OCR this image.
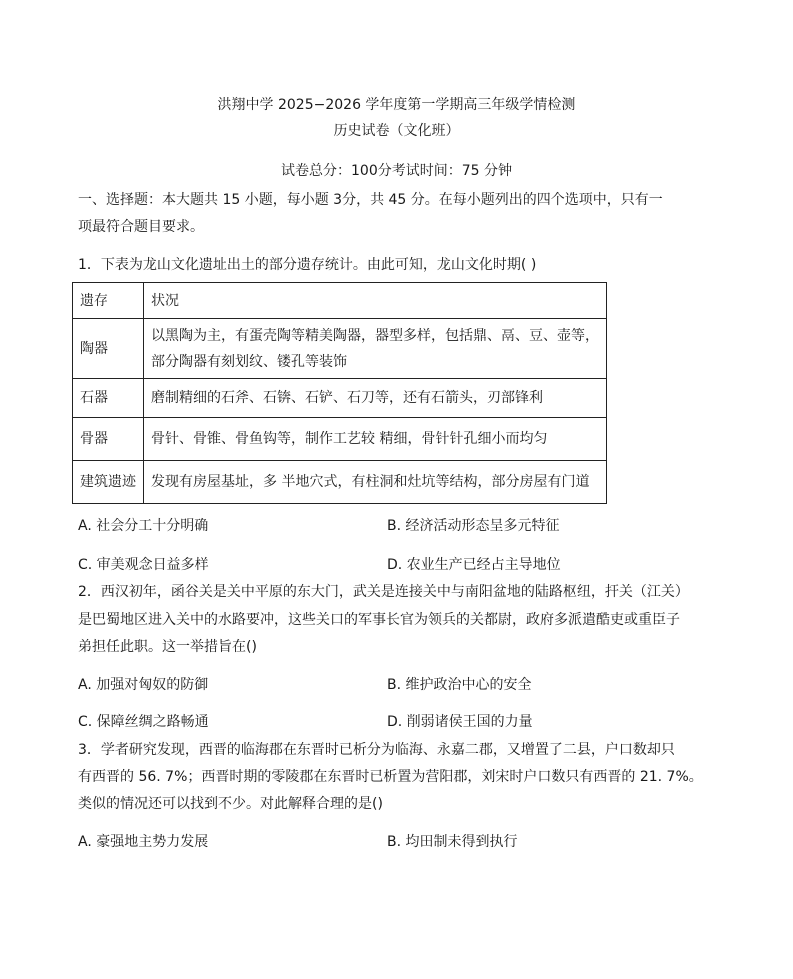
洪翔中学 2025−2026 学年度第一学期高三年级学情检测
历史试卷（文化班）
试卷总分：100分考试时间：75 分钟
一、选择题：本大题共 15 小题，每小题 3分，共 45 分。在每小题列出的四个选项中，只有一
项最符合题目要求。
1．下表为龙山文化遗址出土的部分遗存统计。由此可知，龙山文化时期( )
遗存	状况
陶器	以黑陶为主，有蛋壳陶等精美陶器，器型多样，包括鼎、鬲、豆、壶等，
部分陶器有刻划纹、镂孔等装饰

石器	磨制精细的石斧、石锛、石铲、石刀等，还有石箭头，刃部锋利

骨器	骨针、骨锥、骨鱼钩等，制作工艺较 精细，骨针针孔细小而均匀

建筑遗迹	发现有房屋基址，多 半地穴式，有柱洞和灶坑等结构，部分房屋有门道
A. 社会分工十分明确	B. 经济活动形态呈多元特征
C. 审美观念日益多样	D. 农业生产已经占主导地位
2．西汉初年，函谷关是关中平原的东大门，武关是连接关中与南阳盆地的陆路枢纽，扞关（江关）
是巴蜀地区进入关中的水路要冲，这些关口的军事长官为领兵的关都尉，政府多派遣酷吏或重臣子
弟担任此职。这一举措旨在()
A. 加强对匈奴的防御	B. 维护政治中心的安全
C. 保障丝绸之路畅通	D. 削弱诸侯王国的力量
3．学者研究发现，西晋的临海郡在东晋时已析分为临海、永嘉二郡，又增置了二县，户口数却只
有西晋的 56. 7%；西晋时期的零陵郡在东晋时已析置为营阳郡，刘宋时户口数只有西晋的 21. 7%。
类似的情况还可以找到不少。对此解释合理的是()
A. 豪强地主势力发展	B. 均田制未得到执行
